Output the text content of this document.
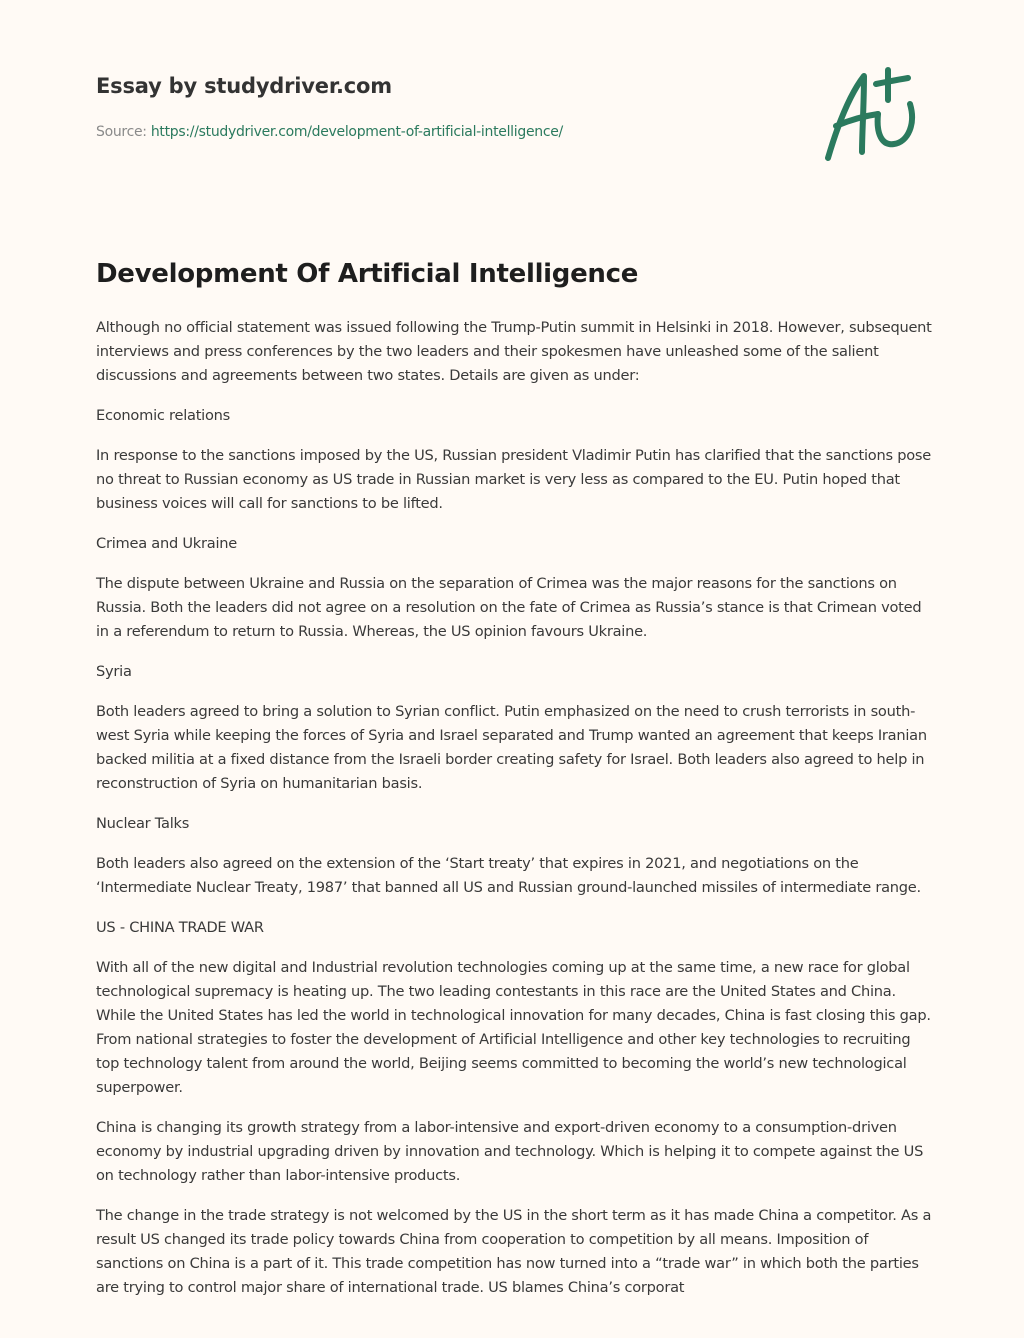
Essay by studydriver.com
Source: https://studydriver.com/development-of-artificial-intelligence/
Development Of Artificial Intelligence

Although no official statement was issued following the Trump-Putin summit in Helsinki in 2018. However, subsequent interviews and press conferences by the two leaders and their spokesmen have unleashed some of the salient discussions and agreements between two states. Details are given as under:

Economic relations

In response to the sanctions imposed by the US, Russian president Vladimir Putin has clarified that the sanctions pose no threat to Russian economy as US trade in Russian market is very less as compared to the EU. Putin hoped that business voices will call for sanctions to be lifted.

Crimea and Ukraine

The dispute between Ukraine and Russia on the separation of Crimea was the major reasons for the sanctions on Russia. Both the leaders did not agree on a resolution on the fate of Crimea as Russia’s stance is that Crimean voted in a referendum to return to Russia. Whereas, the US opinion favours Ukraine.

Syria

Both leaders agreed to bring a solution to Syrian conflict. Putin emphasized on the need to crush terrorists in south-west Syria while keeping the forces of Syria and Israel separated and Trump wanted an agreement that keeps Iranian backed militia at a fixed distance from the Israeli border creating safety for Israel. Both leaders also agreed to help in reconstruction of Syria on humanitarian basis.

Nuclear Talks

Both leaders also agreed on the extension of the ‘Start treaty’ that expires in 2021, and negotiations on the ‘Intermediate Nuclear Treaty, 1987’ that banned all US and Russian ground-launched missiles of intermediate range.

US - CHINA TRADE WAR

With all of the new digital and Industrial revolution technologies coming up at the same time, a new race for global technological supremacy is heating up. The two leading contestants in this race are the United States and China. While the United States has led the world in technological innovation for many decades, China is fast closing this gap. From national strategies to foster the development of Artificial Intelligence and other key technologies to recruiting top technology talent from around the world, Beijing seems committed to becoming the world’s new technological superpower.

China is changing its growth strategy from a labor-intensive and export-driven economy to a consumption-driven economy by industrial upgrading driven by innovation and technology. Which is helping it to compete against the US on technology rather than labor-intensive products.

The change in the trade strategy is not welcomed by the US in the short term as it has made China a competitor. As a result US changed its trade policy towards China from cooperation to competition by all means. Imposition of sanctions on China is a part of it. This trade competition has now turned into a “trade war” in which both the parties are trying to control major share of international trade. US blames China’s corporat
